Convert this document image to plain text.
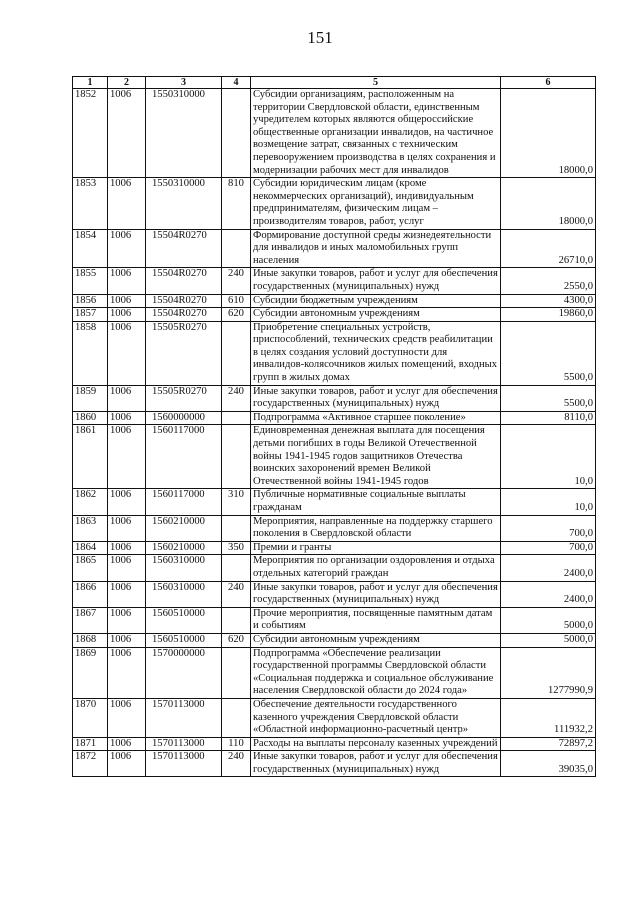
151
1	2	3	4	5	6
1852	1006	1550310000		Субсидии организациям, расположенным на территории Свердловской области, единственным учредителем которых являются общероссийские общественные организации инвалидов, на частичное возмещение затрат, связанных с техническим перевооружением производства в целях сохранения и модернизации рабочих мест для инвалидов	18000,0
1853	1006	1550310000	810	Субсидии юридическим лицам (кроме некоммерческих организаций), индивидуальным предпринимателям, физическим лицам – производителям товаров, работ, услуг	18000,0
1854	1006	15504R0270		Формирование доступной среды жизнедеятельности для инвалидов и иных маломобильных групп населения	26710,0
1855	1006	15504R0270	240	Иные закупки товаров, работ и услуг для обеспечения государственных (муниципальных) нужд	2550,0
1856	1006	15504R0270	610	Субсидии бюджетным учреждениям	4300,0
1857	1006	15504R0270	620	Субсидии автономным учреждениям	19860,0
1858	1006	15505R0270		Приобретение специальных устройств, приспособлений, технических средств реабилитации в целях создания условий доступности для инвалидов-колясочников жилых помещений, входных групп в жилых домах	5500,0
1859	1006	15505R0270	240	Иные закупки товаров, работ и услуг для обеспечения государственных (муниципальных) нужд	5500,0
1860	1006	1560000000		Подпрограмма «Активное старшее поколение»	8110,0
1861	1006	1560117000		Единовременная денежная выплата для посещения детьми погибших в годы Великой Отечественной войны 1941-1945 годов защитников Отечества воинских захоронений времен Великой Отечественной войны 1941-1945 годов	10,0
1862	1006	1560117000	310	Публичные нормативные социальные выплаты гражданам	10,0
1863	1006	1560210000		Мероприятия, направленные на поддержку старшего поколения в Свердловской области	700,0
1864	1006	1560210000	350	Премии и гранты	700,0
1865	1006	1560310000		Мероприятия по организации оздоровления и отдыха отдельных категорий граждан	2400,0
1866	1006	1560310000	240	Иные закупки товаров, работ и услуг для обеспечения государственных (муниципальных) нужд	2400,0
1867	1006	1560510000		Прочие мероприятия, посвященные памятным датам и событиям	5000,0
1868	1006	1560510000	620	Субсидии автономным учреждениям	5000,0
1869	1006	1570000000		Подпрограмма «Обеспечение реализации государственной программы Свердловской области «Социальная поддержка и социальное обслуживание населения Свердловской области до 2024 года»	1277990,9
1870	1006	1570113000		Обеспечение деятельности государственного казенного учреждения Свердловской области «Областной информационно-расчетный центр»	111932,2
1871	1006	1570113000	110	Расходы на выплаты персоналу казенных учреждений	72897,2
1872	1006	1570113000	240	Иные закупки товаров, работ и услуг для обеспечения государственных (муниципальных) нужд	39035,0
